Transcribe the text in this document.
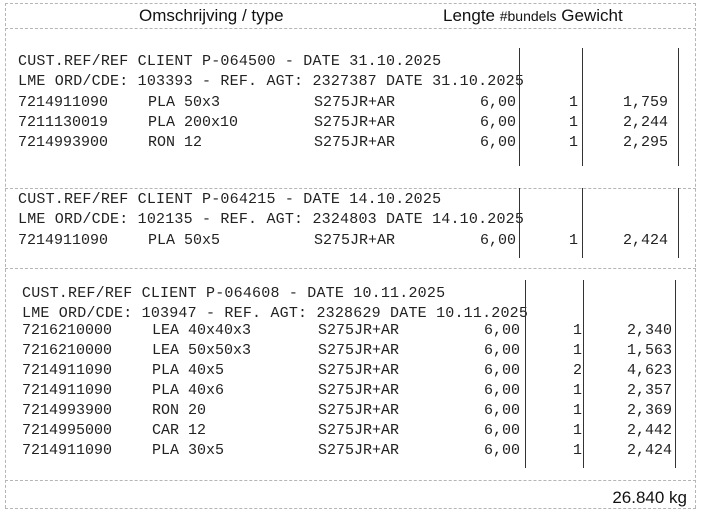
Omschrijving / type	Lengte #bundels Gewicht
CUST.REF/REF CLIENT P-064500 - DATE 31.10.2025
LME ORD/CDE: 103393 - REF. AGT: 2327387 DATE 31.10.2025
7214911090	PLA 50x3	S275JR+AR	6,00	1	1,759
7211130019	PLA 200x10	S275JR+AR	6,00	1	2,244
7214993900	RON 12	S275JR+AR	6,00	1	2,295
CUST.REF/REF CLIENT P-064215 - DATE 14.10.2025
LME ORD/CDE: 102135 - REF. AGT: 2324803 DATE 14.10.2025
7214911090	PLA 50x5	S275JR+AR	6,00	1	2,424
CUST.REF/REF CLIENT P-064608 - DATE 10.11.2025
LME ORD/CDE: 103947 - REF. AGT: 2328629 DATE 10.11.2025
7216210000	LEA 40x40x3	S275JR+AR	6,00	1	2,340
7216210000	LEA 50x50x3	S275JR+AR	6,00	1	1,563
7214911090	PLA 40x5	S275JR+AR	6,00	2	4,623
7214911090	PLA 40x6	S275JR+AR	6,00	1	2,357
7214993900	RON 20	S275JR+AR	6,00	1	2,369
7214995000	CAR 12	S275JR+AR	6,00	1	2,442
7214911090	PLA 30x5	S275JR+AR	6,00	1	2,424
26.840 kg
